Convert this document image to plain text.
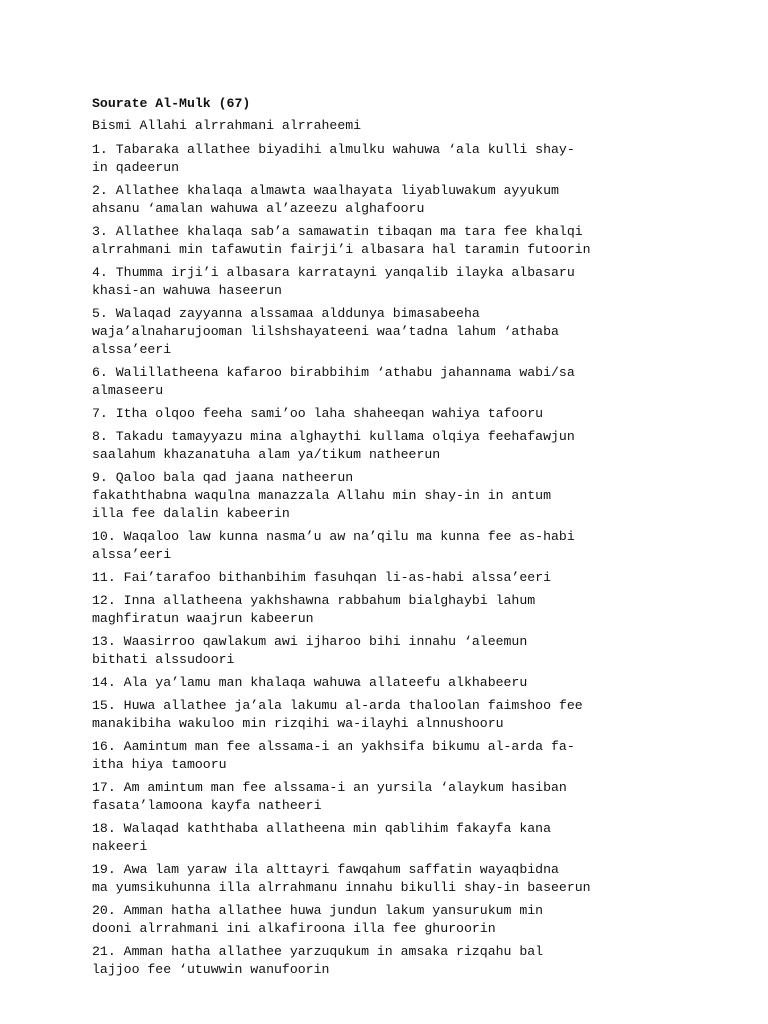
Sourate Al-Mulk (67)
Bismi Allahi alrrahmani alrraheemi
1. Tabaraka allathee biyadihi almulku wahuwa ‘ala kulli shay-
in qadeerun
2. Allathee khalaqa almawta waalhayata liyabluwakum ayyukum
ahsanu ‘amalan wahuwa al’azeezu alghafooru
3. Allathee khalaqa sab’a samawatin tibaqan ma tara fee khalqi
alrrahmani min tafawutin fairji’i albasara hal taramin futoorin
4. Thumma irji’i albasara karratayni yanqalib ilayka albasaru
khasi-an wahuwa haseerun
5. Walaqad zayyanna alssamaa alddunya bimasabeeha
waja’alnaharujooman lilshshayateeni waa’tadna lahum ‘athaba
alssa’eeri
6. Walillatheena kafaroo birabbihim ‘athabu jahannama wabi/sa
almaseeru
7. Itha olqoo feeha sami’oo laha shaheeqan wahiya tafooru
8. Takadu tamayyazu mina alghaythi kullama olqiya feehafawjun
saalahum khazanatuha alam ya/tikum natheerun
9. Qaloo bala qad jaana natheerun
fakaththabna waqulna manazzala Allahu min shay-in in antum
illa fee dalalin kabeerin
10. Waqaloo law kunna nasma’u aw na’qilu ma kunna fee as-habi
alssa’eeri
11. Fai’tarafoo bithanbihim fasuhqan li-as-habi alssa’eeri
12. Inna allatheena yakhshawna rabbahum bialghaybi lahum
maghfiratun waajrun kabeerun
13. Waasirroo qawlakum awi ijharoo bihi innahu ‘aleemun
bithati alssudoori
14. Ala ya’lamu man khalaqa wahuwa allateefu alkhabeeru
15. Huwa allathee ja’ala lakumu al-arda thaloolan faimshoo fee
manakibiha wakuloo min rizqihi wa-ilayhi alnnushooru
16. Aamintum man fee alssama-i an yakhsifa bikumu al-arda fa-
itha hiya tamooru
17. Am amintum man fee alssama-i an yursila ‘alaykum hasiban
fasata’lamoona kayfa natheeri
18. Walaqad kaththaba allatheena min qablihim fakayfa kana
nakeeri
19. Awa lam yaraw ila alttayri fawqahum saffatin wayaqbidna
ma yumsikuhunna illa alrrahmanu innahu bikulli shay-in baseerun
20. Amman hatha allathee huwa jundun lakum yansurukum min
dooni alrrahmani ini alkafiroona illa fee ghuroorin
21. Amman hatha allathee yarzuqukum in amsaka rizqahu bal
lajjoo fee ‘utuwwin wanufoorin
